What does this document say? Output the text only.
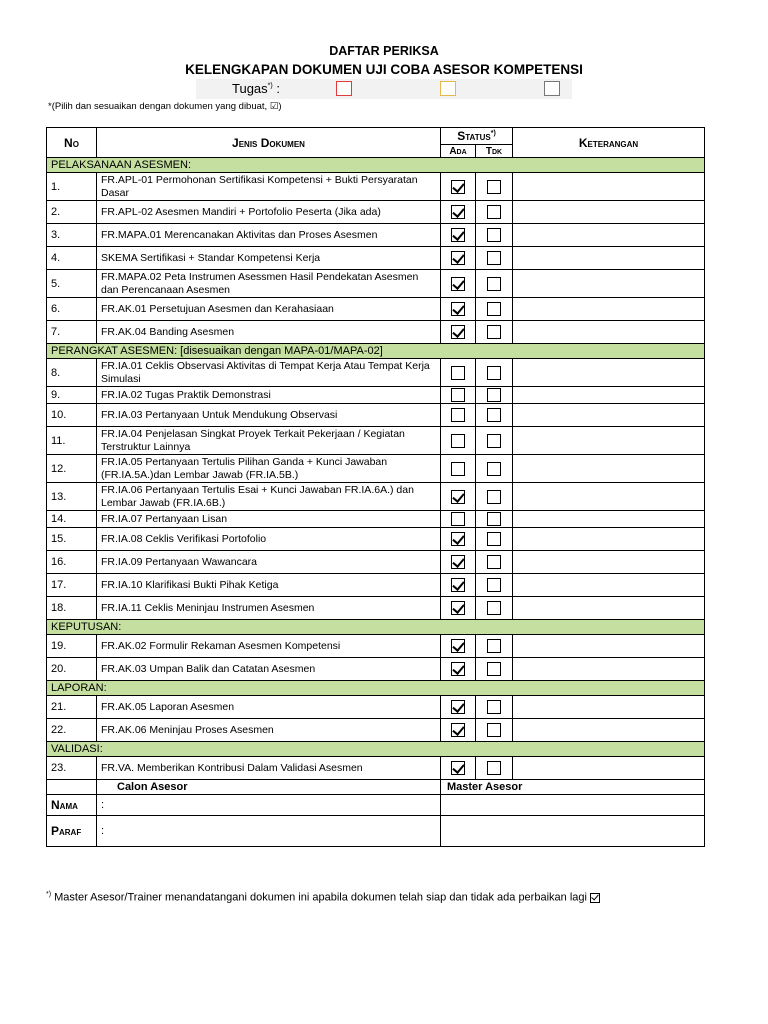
DAFTAR PERIKSA
KELENGKAPAN DOKUMEN UJI COBA ASESOR KOMPETENSI
Tugas*) :
*(Pilih dan sesuaikan dengan dokumen yang dibuat, ☑)
No	Jenis Dokumen	Status*)		Keterangan
		Ada	Tdk	
PELAKSANAAN ASESMEN:				
1.	FR.APL-01 Permohonan Sertifikasi Kompetensi + Bukti Persyaratan Dasar			
2.	FR.APL-02 Asesmen Mandiri + Portofolio Peserta (Jika ada)			
3.	FR.MAPA.01 Merencanakan Aktivitas dan Proses Asesmen			
4.	SKEMA Sertifikasi + Standar Kompetensi Kerja			
5.	FR.MAPA.02 Peta Instrumen Asessmen Hasil Pendekatan Asesmen dan Perencanaan Asesmen			
6.	FR.AK.01 Persetujuan Asesmen dan Kerahasiaan			
7.	FR.AK.04 Banding Asesmen			
PERANGKAT ASESMEN: [disesuaikan dengan MAPA-01/MAPA-02]				
8.	FR.IA.01 Ceklis Observasi Aktivitas di Tempat Kerja Atau Tempat Kerja Simulasi			
9.	FR.IA.02 Tugas Praktik Demonstrasi			
10.	FR.IA.03 Pertanyaan Untuk Mendukung Observasi			
11.	FR.IA.04 Penjelasan Singkat Proyek Terkait Pekerjaan / Kegiatan Terstruktur Lainnya			
12.	FR.IA.05 Pertanyaan Tertulis Pilihan Ganda + Kunci Jawaban (FR.IA.5A.)dan Lembar Jawab (FR.IA.5B.)			
13.	FR.IA.06 Pertanyaan Tertulis Esai + Kunci Jawaban FR.IA.6A.) dan Lembar Jawab (FR.IA.6B.)			
14.	FR.IA.07 Pertanyaan Lisan			
15.	FR.IA.08 Ceklis Verifikasi Portofolio			
16.	FR.IA.09 Pertanyaan Wawancara			
17.	FR.IA.10 Klarifikasi Bukti Pihak Ketiga			
18.	FR.IA.11 Ceklis Meninjau Instrumen Asesmen			
KEPUTUSAN:				
19.	FR.AK.02 Formulir Rekaman Asesmen Kompetensi			
20.	FR.AK.03 Umpan Balik dan Catatan Asesmen			
LAPORAN:				
21.	FR.AK.05 Laporan Asesmen			
22.	FR.AK.06 Meninjau Proses Asesmen			
VALIDASI:				
23.	FR.VA. Memberikan Kontribusi Dalam Validasi Asesmen			
	Calon Asesor	Master Asesor		
Nama	:			
Paraf	:			
*) Master Asesor/Trainer menandatangani dokumen ini apabila dokumen telah siap dan tidak ada perbaikan lagi
